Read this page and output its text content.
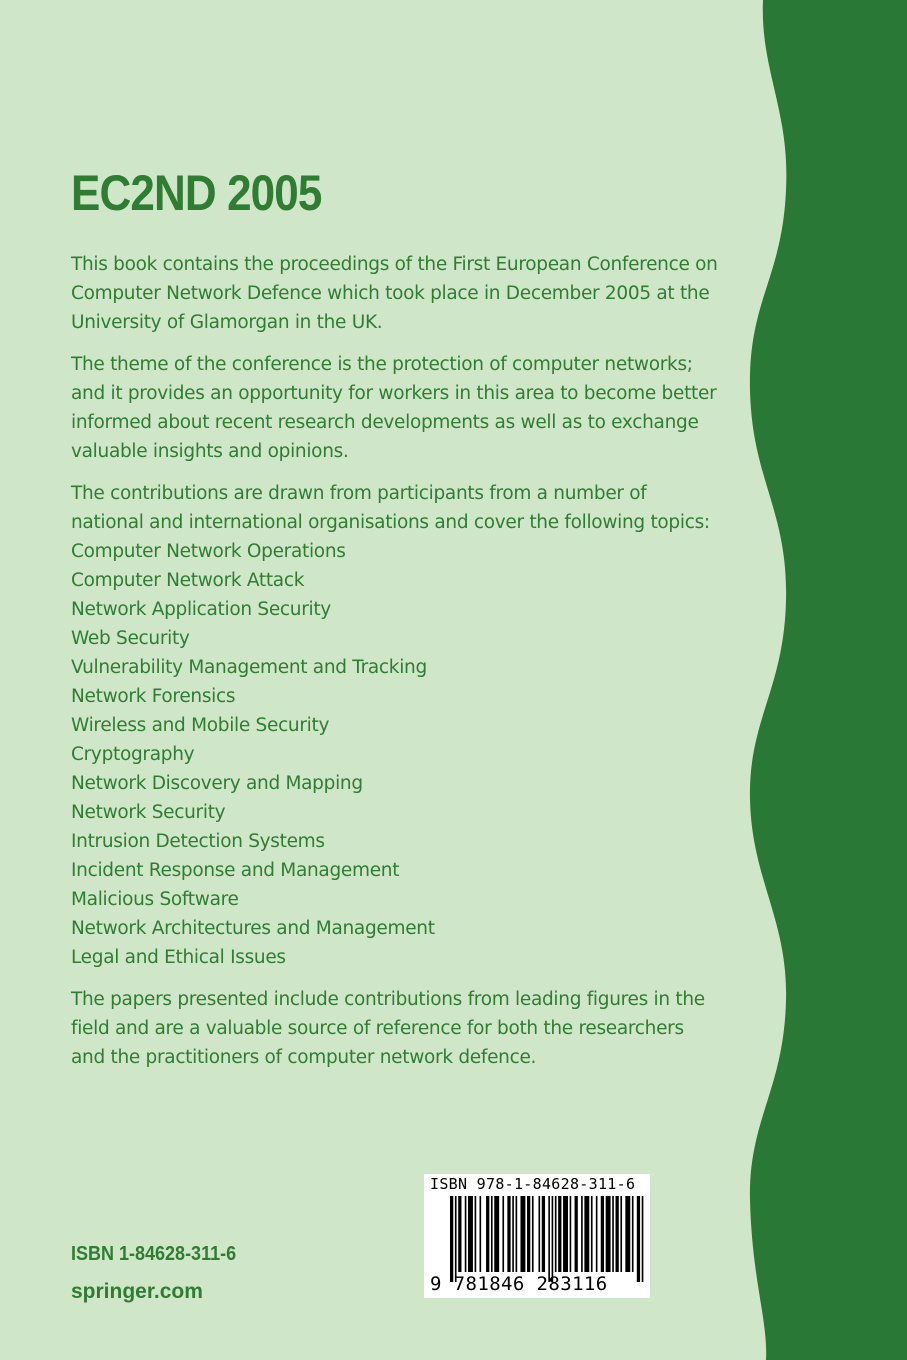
EC2ND 2005

This book contains the proceedings of the First European Conference on Computer Network Defence which took place in December 2005 at the University of Glamorgan in the UK.

The theme of the conference is the protection of computer networks; and it provides an opportunity for workers in this area to become better informed about recent research developments as well as to exchange valuable insights and opinions.

The contributions are drawn from participants from a number of national and international organisations and cover the following topics:

Computer Network Operations
Computer Network Attack
Network Application Security
Web Security
Vulnerability Management and Tracking
Network Forensics
Wireless and Mobile Security
Cryptography
Network Discovery and Mapping
Network Security
Intrusion Detection Systems
Incident Response and Management
Malicious Software
Network Architectures and Management
Legal and Ethical Issues

The papers presented include contributions from leading figures in the field and are a valuable source of reference for both the researchers and the practitioners of computer network defence.

ISBN 1-84628-311-6

springer.com

ISBN 978-1-84628-311-6

9 781846 283116
